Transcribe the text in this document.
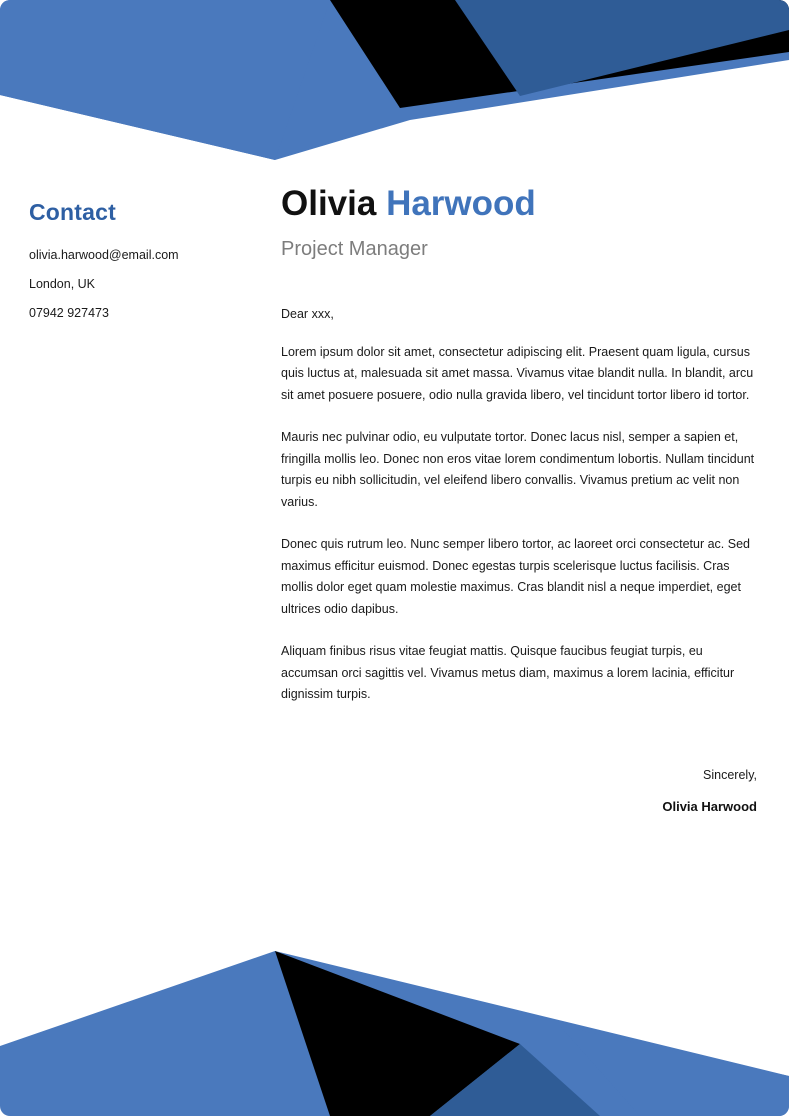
Contact
olivia.harwood@email.com
London, UK
07942 927473
Olivia Harwood
Project Manager
Dear xxx,

Lorem ipsum dolor sit amet, consectetur adipiscing elit. Praesent quam ligula, cursus quis luctus at, malesuada sit amet massa. Vivamus vitae blandit nulla. In blandit, arcu sit amet posuere posuere, odio nulla gravida libero, vel tincidunt tortor libero id tortor.

Mauris nec pulvinar odio, eu vulputate tortor. Donec lacus nisl, semper a sapien et, fringilla mollis leo. Donec non eros vitae lorem condimentum lobortis. Nullam tincidunt turpis eu nibh sollicitudin, vel eleifend libero convallis. Vivamus pretium ac velit non varius.

Donec quis rutrum leo. Nunc semper libero tortor, ac laoreet orci consectetur ac. Sed maximus efficitur euismod. Donec egestas turpis scelerisque luctus facilisis. Cras mollis dolor eget quam molestie maximus. Cras blandit nisl a neque imperdiet, eget ultrices odio dapibus.

Aliquam finibus risus vitae feugiat mattis. Quisque faucibus feugiat turpis, eu accumsan orci sagittis vel. Vivamus metus diam, maximus a lorem lacinia, efficitur dignissim turpis.

Sincerely,
Olivia Harwood
